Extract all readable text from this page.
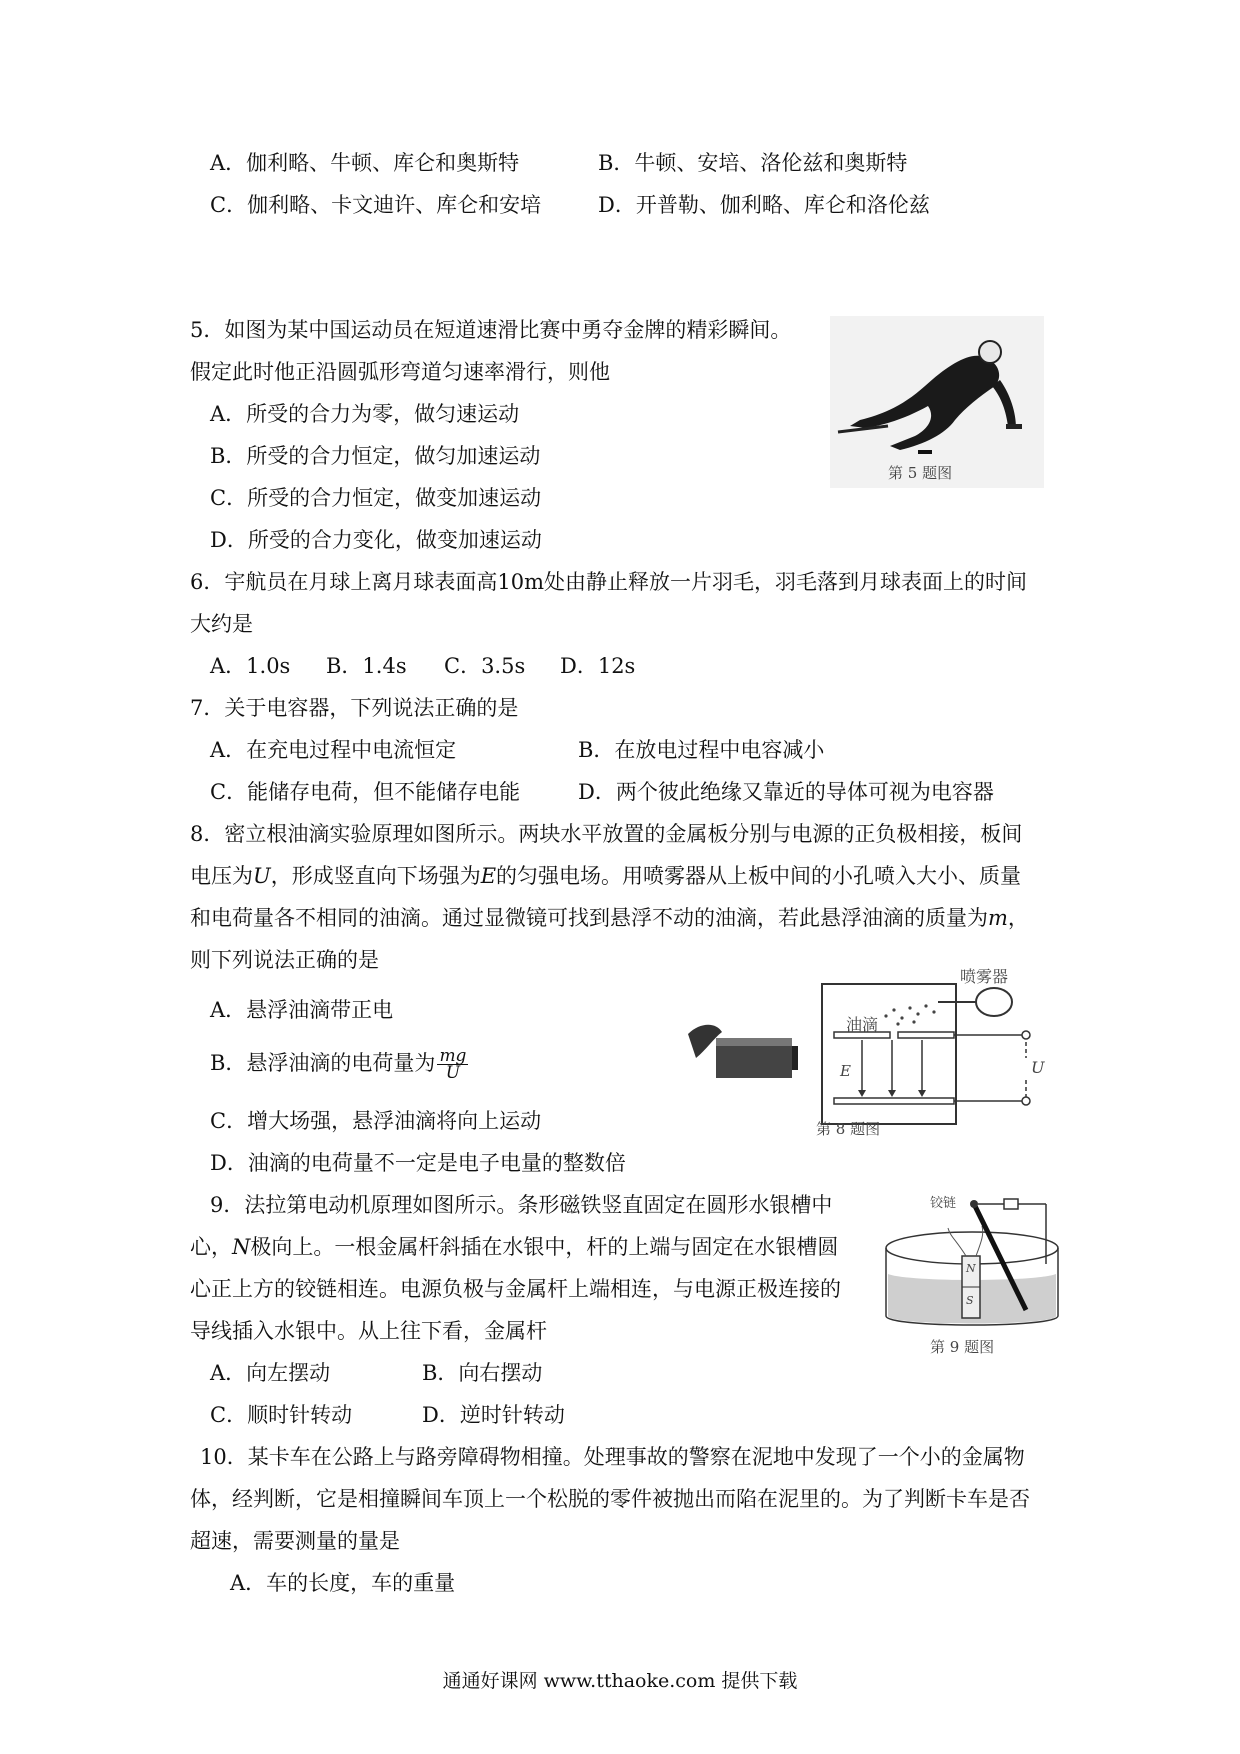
A．伽利略、牛顿、库仑和奥斯特	B．牛顿、安培、洛伦兹和奥斯特
C．伽利略、卡文迪许、库仑和安培	D．开普勒、伽利略、库仑和洛伦兹
5．如图为某中国运动员在短道速滑比赛中勇夺金牌的精彩瞬间。
假定此时他正沿圆弧形弯道匀速率滑行，则他
A．所受的合力为零，做匀速运动
B．所受的合力恒定，做匀加速运动
C．所受的合力恒定，做变加速运动
D．所受的合力变化，做变加速运动
第 5 题图
6．宇航员在月球上离月球表面高10m处由静止释放一片羽毛，羽毛落到月球表面上的时间
大约是
A．1.0s B．1.4s C．3.5s D．12s
7．关于电容器，下列说法正确的是
A．在充电过程中电流恒定	B．在放电过程中电容减小
C．能储存电荷，但不能储存电能	D．两个彼此绝缘又靠近的导体可视为电容器
8．密立根油滴实验原理如图所示。两块水平放置的金属板分别与电源的正负极相接，板间
电压为U，形成竖直向下场强为E的匀强电场。用喷雾器从上板中间的小孔喷入大小、质量
和电荷量各不相同的油滴。通过显微镜可找到悬浮不动的油滴，若此悬浮油滴的质量为m，
则下列说法正确的是
A．悬浮油滴带正电
B．悬浮油滴的电荷量为 $\frac{mg}{U}$
C．增大场强，悬浮油滴将向上运动
D．油滴的电荷量不一定是电子电量的整数倍
喷雾器
油滴
E	U
第 8 题图
9．法拉第电动机原理如图所示。条形磁铁竖直固定在圆形水银槽中
心，N极向上。一根金属杆斜插在水银中，杆的上端与固定在水银槽圆
心正上方的铰链相连。电源负极与金属杆上端相连，与电源正极连接的
导线插入水银中。从上往下看，金属杆
A．向左摆动	B．向右摆动
C．顺时针转动	D．逆时针转动
铰链
N
S
第 9 题图
10．某卡车在公路上与路旁障碍物相撞。处理事故的警察在泥地中发现了一个小的金属物
体，经判断，它是相撞瞬间车顶上一个松脱的零件被抛出而陷在泥里的。为了判断卡车是否
超速，需要测量的量是
A．车的长度，车的重量
通通好课网 www.tthaoke.com 提供下载
